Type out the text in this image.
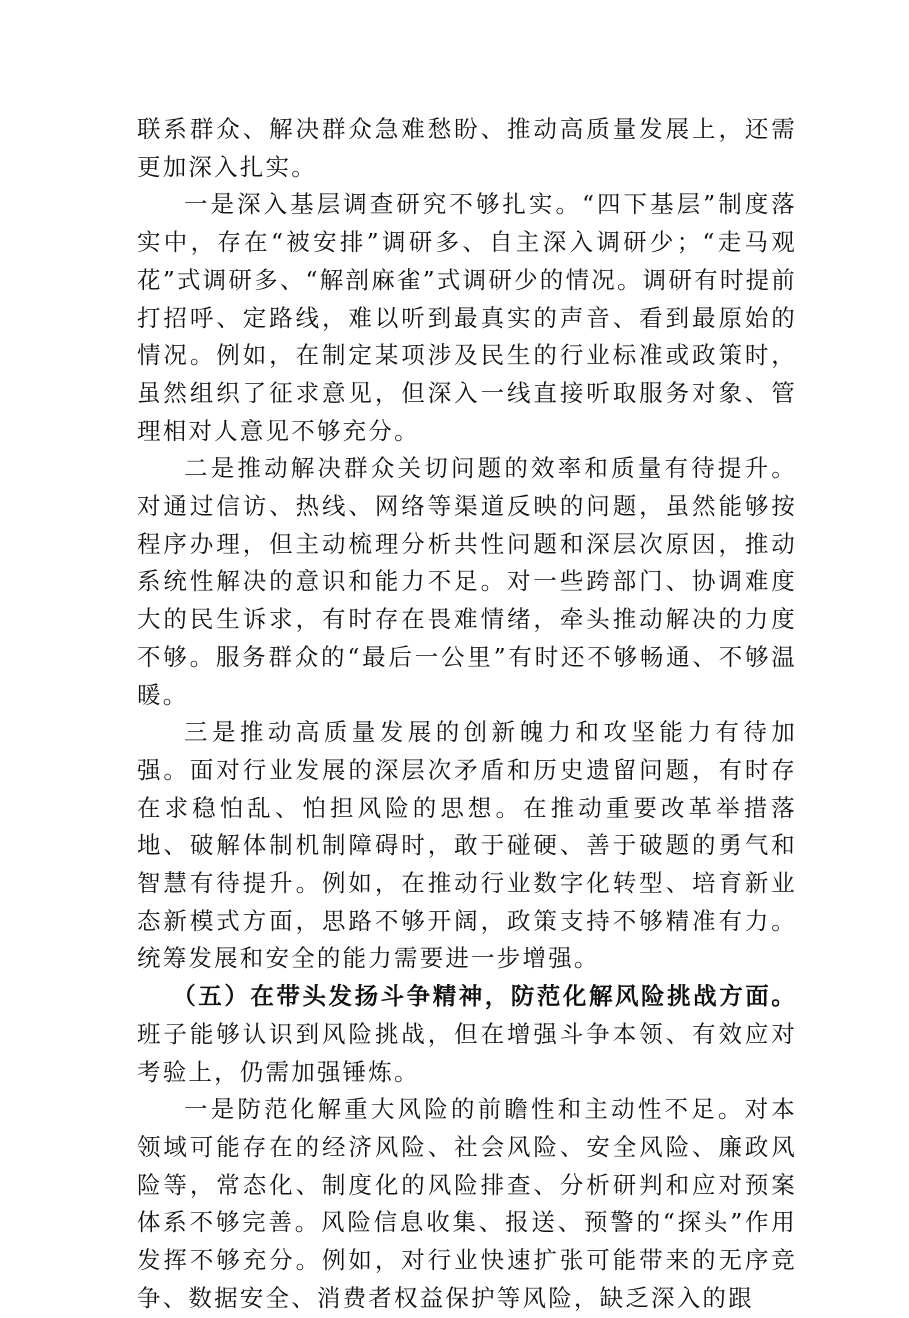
联系群众、解决群众急难愁盼、推动高质量发展上，还需更加深入扎实。

一是深入基层调查研究不够扎实。“四下基层”制度落实中，存在“被安排”调研多、自主深入调研少；“走马观花”式调研多、“解剖麻雀”式调研少的情况。调研有时提前打招呼、定路线，难以听到最真实的声音、看到最原始的情况。例如，在制定某项涉及民生的行业标准或政策时，虽然组织了征求意见，但深入一线直接听取服务对象、管理相对人意见不够充分。

二是推动解决群众关切问题的效率和质量有待提升。对通过信访、热线、网络等渠道反映的问题，虽然能够按程序办理，但主动梳理分析共性问题和深层次原因，推动系统性解决的意识和能力不足。对一些跨部门、协调难度大的民生诉求，有时存在畏难情绪，牵头推动解决的力度不够。服务群众的“最后一公里”有时还不够畅通、不够温暖。

三是推动高质量发展的创新魄力和攻坚能力有待加强。面对行业发展的深层次矛盾和历史遗留问题，有时存在求稳怕乱、怕担风险的思想。在推动重要改革举措落地、破解体制机制障碍时，敢于碰硬、善于破题的勇气和智慧有待提升。例如，在推动行业数字化转型、培育新业态新模式方面，思路不够开阔，政策支持不够精准有力。统筹发展和安全的能力需要进一步增强。

（五）在带头发扬斗争精神，防范化解风险挑战方面。班子能够认识到风险挑战，但在增强斗争本领、有效应对考验上，仍需加强锤炼。

一是防范化解重大风险的前瞻性和主动性不足。对本领域可能存在的经济风险、社会风险、安全风险、廉政风险等，常态化、制度化的风险排查、分析研判和应对预案体系不够完善。风险信息收集、报送、预警的“探头”作用发挥不够充分。例如，对行业快速扩张可能带来的无序竞争、数据安全、消费者权益保护等风险，缺乏深入的跟
